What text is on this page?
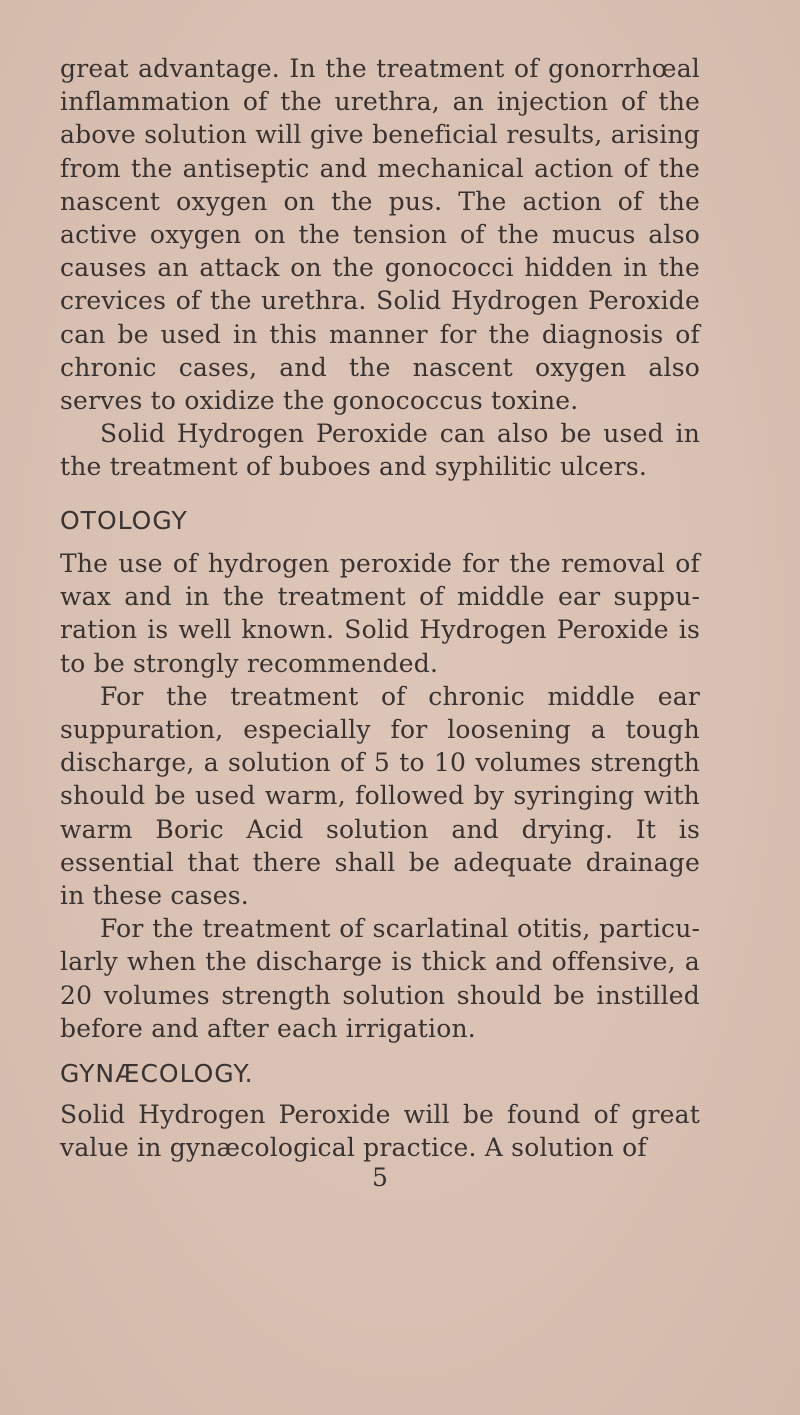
great advantage. In the treatment of gonorrhœal inflammation of the urethra, an injection of the above solution will give beneficial results, arising from the antiseptic and mechanical action of the nascent oxygen on the pus. The action of the active oxygen on the tension of the mucus also causes an attack on the gonococci hidden in the crevices of the urethra. Solid Hydrogen Peroxide can be used in this manner for the diagnosis of chronic cases, and the nascent oxygen also serves to oxidize the gonococcus toxine.

Solid Hydrogen Peroxide can also be used in the treatment of buboes and syphilitic ulcers.

OTOLOGY

The use of hydrogen peroxide for the removal of wax and in the treatment of middle ear suppuration is well known. Solid Hydrogen Peroxide is to be strongly recommended.

For the treatment of chronic middle ear suppuration, especially for loosening a tough discharge, a solution of 5 to 10 volumes strength should be used warm, followed by syringing with warm Boric Acid solution and drying. It is essential that there shall be adequate drainage in these cases.

For the treatment of scarlatinal otitis, particularly when the discharge is thick and offensive, a 20 volumes strength solution should be instilled before and after each irrigation.

GYNÆCOLOGY.

Solid Hydrogen Peroxide will be found of great value in gynæcological practice. A solution of

5
